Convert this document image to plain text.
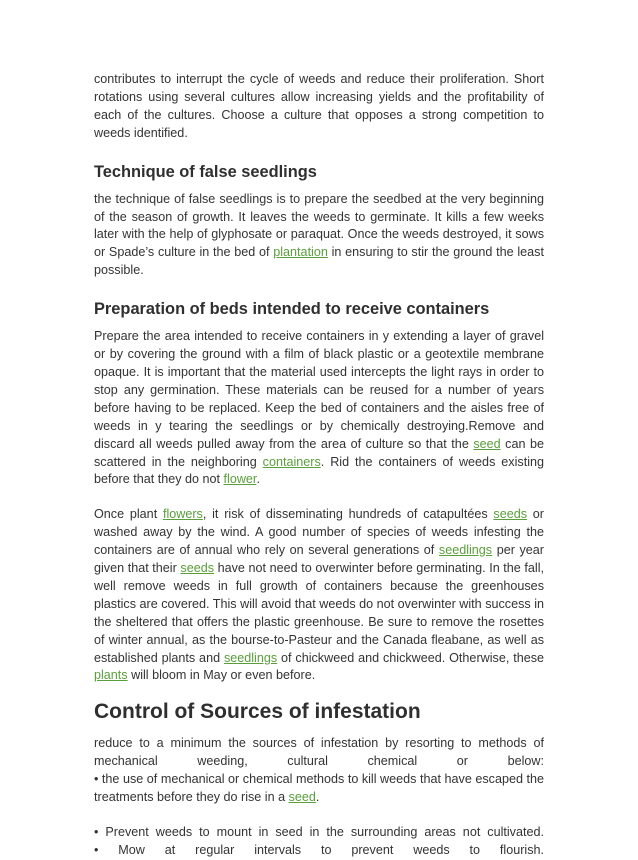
contributes to interrupt the cycle of weeds and reduce their proliferation. Short rotations using several cultures allow increasing yields and the profitability of each of the cultures. Choose a culture that opposes a strong competition to weeds identified.

Technique of false seedlings

the technique of false seedlings is to prepare the seedbed at the very beginning of the season of growth. It leaves the weeds to germinate. It kills a few weeks later with the help of glyphosate or paraquat. Once the weeds destroyed, it sows or Spade’s culture in the bed of plantation in ensuring to stir the ground the least possible.

Preparation of beds intended to receive containers

Prepare the area intended to receive containers in y extending a layer of gravel or by covering the ground with a film of black plastic or a geotextile membrane opaque. It is important that the material used intercepts the light rays in order to stop any germination. These materials can be reused for a number of years before having to be replaced. Keep the bed of containers and the aisles free of weeds in y tearing the seedlings or by chemically destroying.Remove and discard all weeds pulled away from the area of culture so that the seed can be scattered in the neighboring containers. Rid the containers of weeds existing before that they do not flower.

Once plant flowers, it risk of disseminating hundreds of catapultées seeds or washed away by the wind. A good number of species of weeds infesting the containers are of annual who rely on several generations of seedlings per year given that their seeds have not need to overwinter before germinating. In the fall, well remove weeds in full growth of containers because the greenhouses plastics are covered. This will avoid that weeds do not overwinter with success in the sheltered that offers the plastic greenhouse. Be sure to remove the rosettes of winter annual, as the bourse-to-Pasteur and the Canada fleabane, as well as established plants and seedlings of chickweed and chickweed. Otherwise, these plants will bloom in May or even before.

Control of Sources of infestation

reduce to a minimum the sources of infestation by resorting to methods of mechanical weeding, cultural chemical or below:
• the use of mechanical or chemical methods to kill weeds that have escaped the treatments before they do rise in a seed.

• Prevent weeds to mount in seed in the surrounding areas not cultivated.
• Mow at regular intervals to prevent weeds to flourish.
